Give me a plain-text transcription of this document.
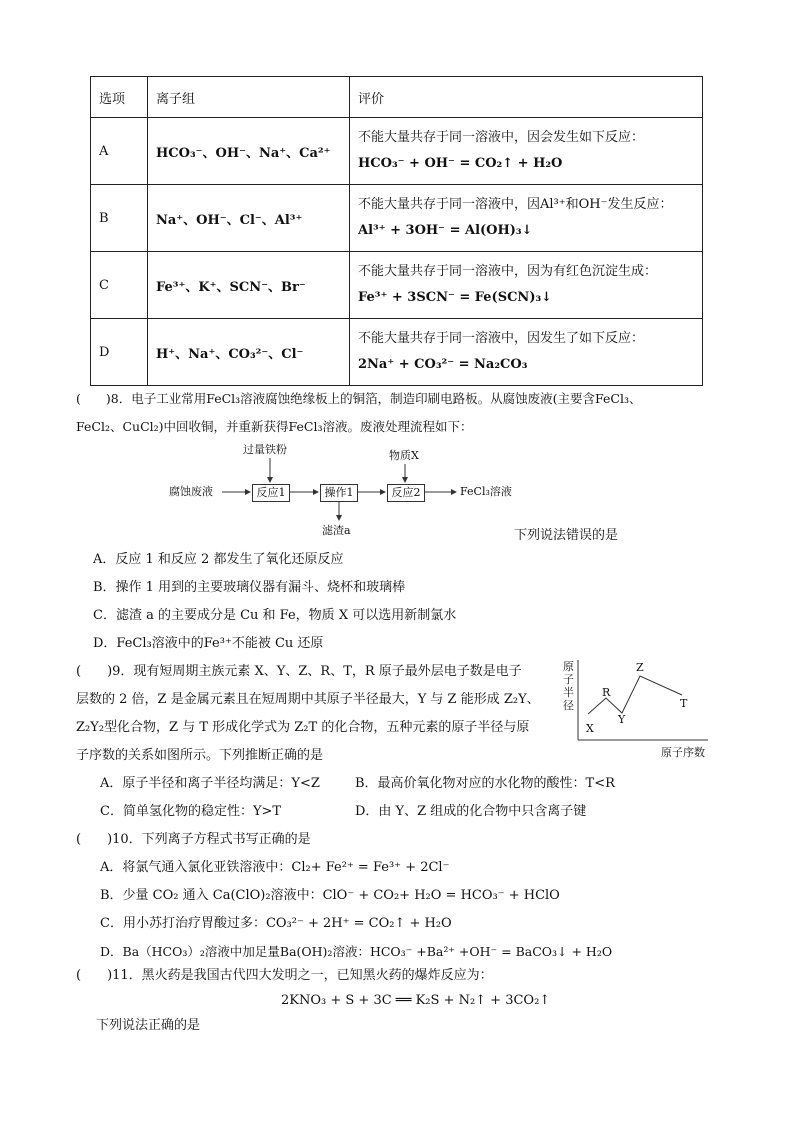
选项	离子组	评价
A	HCO₃⁻、OH⁻、Na⁺、Ca²⁺	不能大量共存于同一溶液中，因会发生如下反应：
HCO₃⁻ + OH⁻ = CO₂↑ + H₂O

B	Na⁺、OH⁻、Cl⁻、Al³⁺	不能大量共存于同一溶液中，因Al³⁺和OH⁻发生反应：
Al³⁺ + 3OH⁻ = Al(OH)₃↓

C	Fe³⁺、K⁺、SCN⁻、Br⁻	不能大量共存于同一溶液中，因为有红色沉淀生成：
Fe³⁺ + 3SCN⁻ = Fe(SCN)₃↓

D	H⁺、Na⁺、CO₃²⁻、Cl⁻	不能大量共存于同一溶液中，因发生了如下反应：
2Na⁺ + CO₃²⁻ = Na₂CO₃
(　　)8．电子工业常用FeCl₃溶液腐蚀绝缘板上的铜箔，制造印刷电路板。从腐蚀废液(主要含FeCl₃、
FeCl₂、CuCl₂)中回收铜，并重新获得FeCl₃溶液。废液处理流程如下：
腐蚀废液
过量铁粉
反应1	操作1
滤渣a
物质X
反应2	FeCl₃溶液
下列说法错误的是
A．反应 1 和反应 2 都发生了氧化还原反应
B．操作 1 用到的主要玻璃仪器有漏斗、烧杯和玻璃棒
C．滤渣 a 的主要成分是 Cu 和 Fe，物质 X 可以选用新制氯水
D．FeCl₃溶液中的Fe³⁺不能被 Cu 还原
(　　)9．现有短周期主族元素 X、Y、Z、R、T，R 原子最外层电子数是电子
层数的 2 倍，Z 是金属元素且在短周期中其原子半径最大，Y 与 Z 能形成 Z₂Y、
Z₂Y₂型化合物，Z 与 T 形成化学式为 Z₂T 的化合物，五种元素的原子半径与原
子序数的关系如图所示。下列推断正确的是
原
子
半
径
X
R
Y
Z
T
原子序数
A．原子半径和离子半径均满足：Y<Z	B．最高价氧化物对应的水化物的酸性：T<R
C．简单氢化物的稳定性：Y>T	D．由 Y、Z 组成的化合物中只含离子键
(　　)10．下列离子方程式书写正确的是
A．将氯气通入氯化亚铁溶液中：Cl₂+ Fe²⁺ = Fe³⁺ + 2Cl⁻
B．少量 CO₂ 通入 Ca(ClO)₂溶液中：ClO⁻ + CO₂+ H₂O = HCO₃⁻ + HClO
C．用小苏打治疗胃酸过多：CO₃²⁻ + 2H⁺ = CO₂↑ + H₂O
D．Ba（HCO₃）₂溶液中加足量Ba(OH)₂溶液：HCO₃⁻ +Ba²⁺ +OH⁻ = BaCO₃↓ + H₂O
(　　)11．黑火药是我国古代四大发明之一，已知黑火药的爆炸反应为：
2KNO₃ + S + 3C ══ K₂S + N₂↑ + 3CO₂↑
下列说法正确的是
